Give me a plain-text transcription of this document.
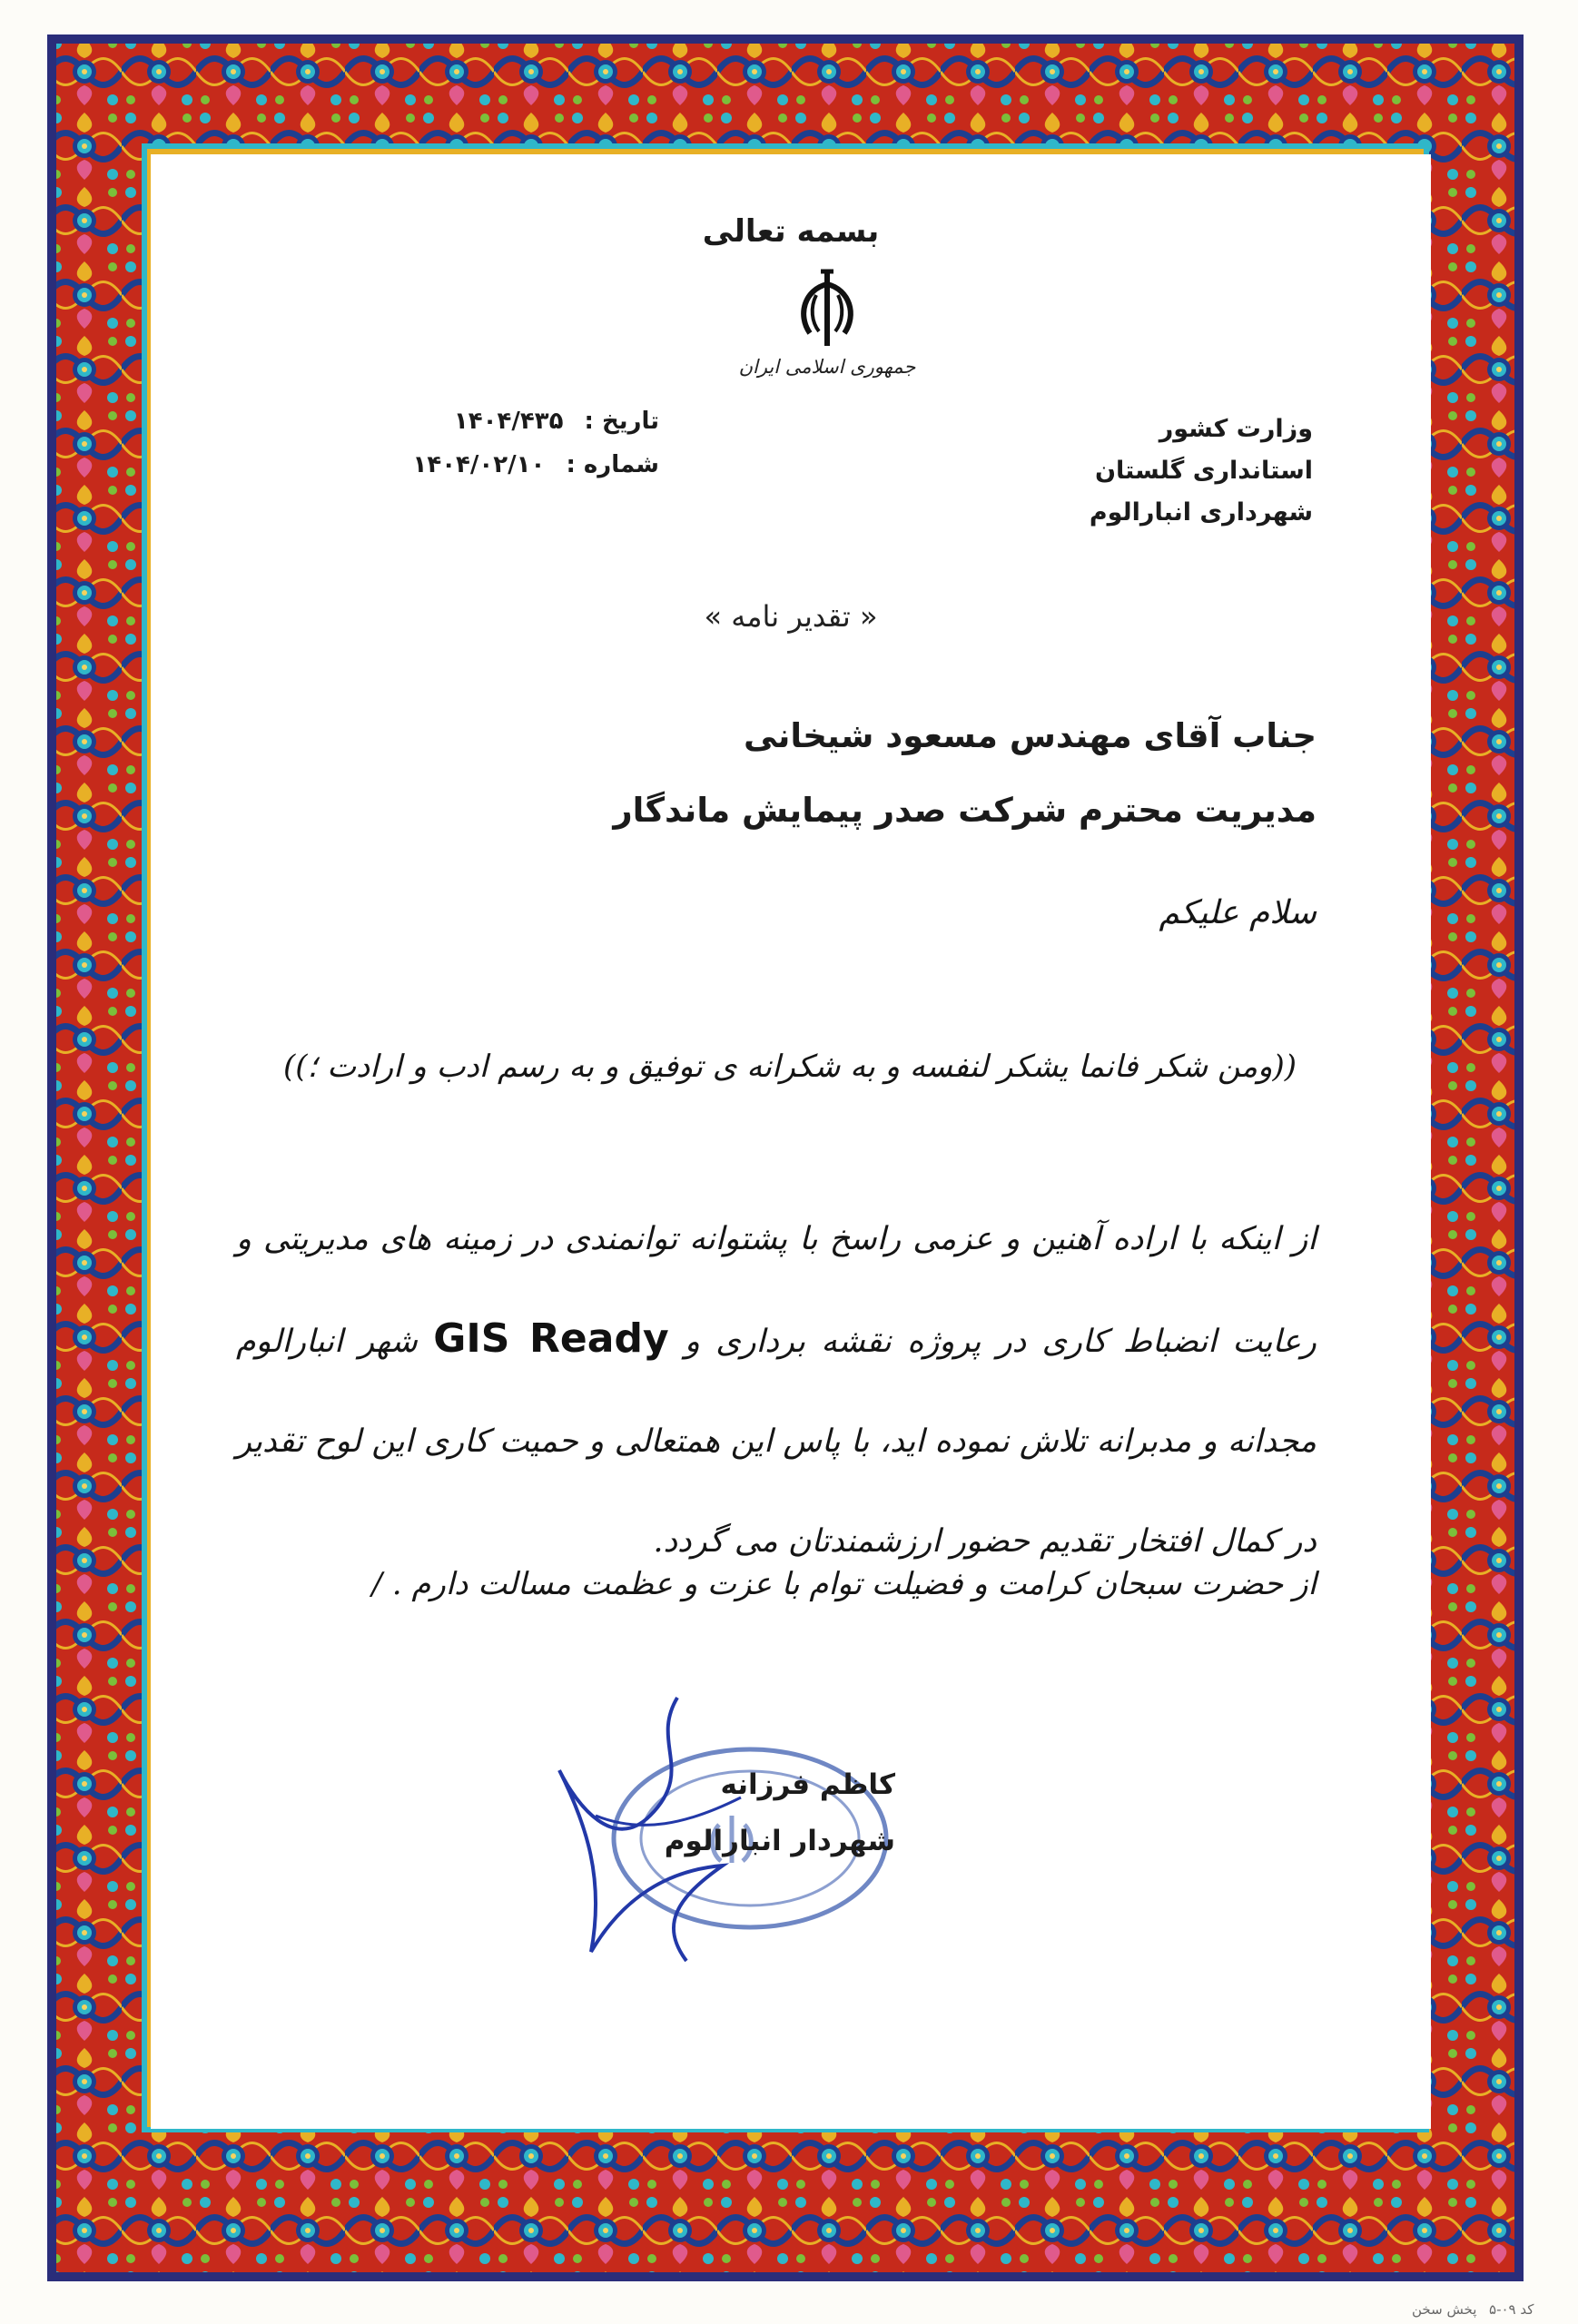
بسمه تعالی
جمهوری اسلامی ایران
وزارت کشور
استانداری گلستان
شهرداری انبارالوم
تاریخ : ۱۴۰۴/۴۳۵
شماره : ۱۴۰۴/۰۲/۱۰
« تقدیر نامه »
جناب آقای مهندس مسعود شیخانی
مدیریت محترم شرکت صدر پیمایش ماندگار
سلام علیکم
((ومن شکر فانما یشکر لنفسه و به شکرانه ی توفیق و به رسم ادب و ارادت ؛))
از اینکه با اراده آهنین و عزمی راسخ با پشتوانه توانمندی در زمینه های مدیریتی و رعایت انضباط کاری در پروژه نقشه برداری و GIS Ready شهر انبارالوم مجدانه و مدبرانه تلاش نموده اید، با پاس این همتعالی و حمیت کاری این لوح تقدیر در کمال افتخار تقدیم حضور ارزشمندتان می گردد.
از حضرت سبحان کرامت و فضیلت توام با عزت و عظمت مسالت دارم . /
کاظم فرزانه
شهردار انبارالوم
پخش سخن کد ۰۹-۵
